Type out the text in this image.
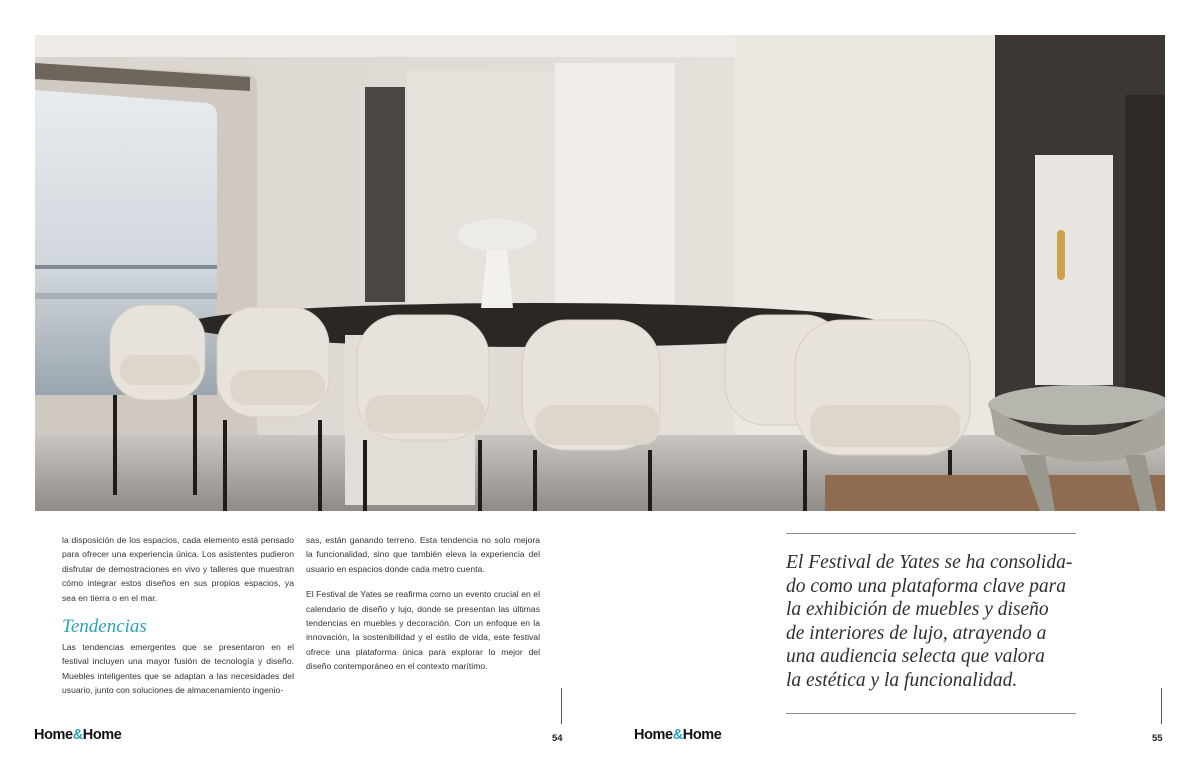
la disposición de los espacios, cada elemento está pensado para ofrecer una experiencia única. Los asistentes pudieron disfrutar de demostraciones en vivo y talleres que muestran cómo integrar estos diseños en sus propios espacios, ya sea en tierra o en el mar.

Tendencias

Las tendencias emergentes que se presentaron en el festival incluyen una mayor fusión de tecnología y diseño. Muebles inteligentes que se adaptan a las necesidades del usuario, junto con soluciones de almacenamiento ingenio-

sas, están ganando terreno. Esta tendencia no solo mejora la funcionalidad, sino que también eleva la experiencia del usuario en espacios donde cada metro cuenta.

El Festival de Yates se reafirma como un evento crucial en el calendario de diseño y lujo, donde se presentan las últimas tendencias en muebles y decoración. Con un enfoque en la innovación, la sostenibilidad y el estilo de vida, este festival ofrece una plataforma única para explorar lo mejor del diseño contemporáneo en el contexto marítimo.

Home&Home	54
El Festival de Yates se ha consolida-
do como una plataforma clave para
la exhibición de muebles y diseño
de interiores de lujo, atrayendo a
una audiencia selecta que valora
la estética y la funcionalidad.
Home&Home	55
